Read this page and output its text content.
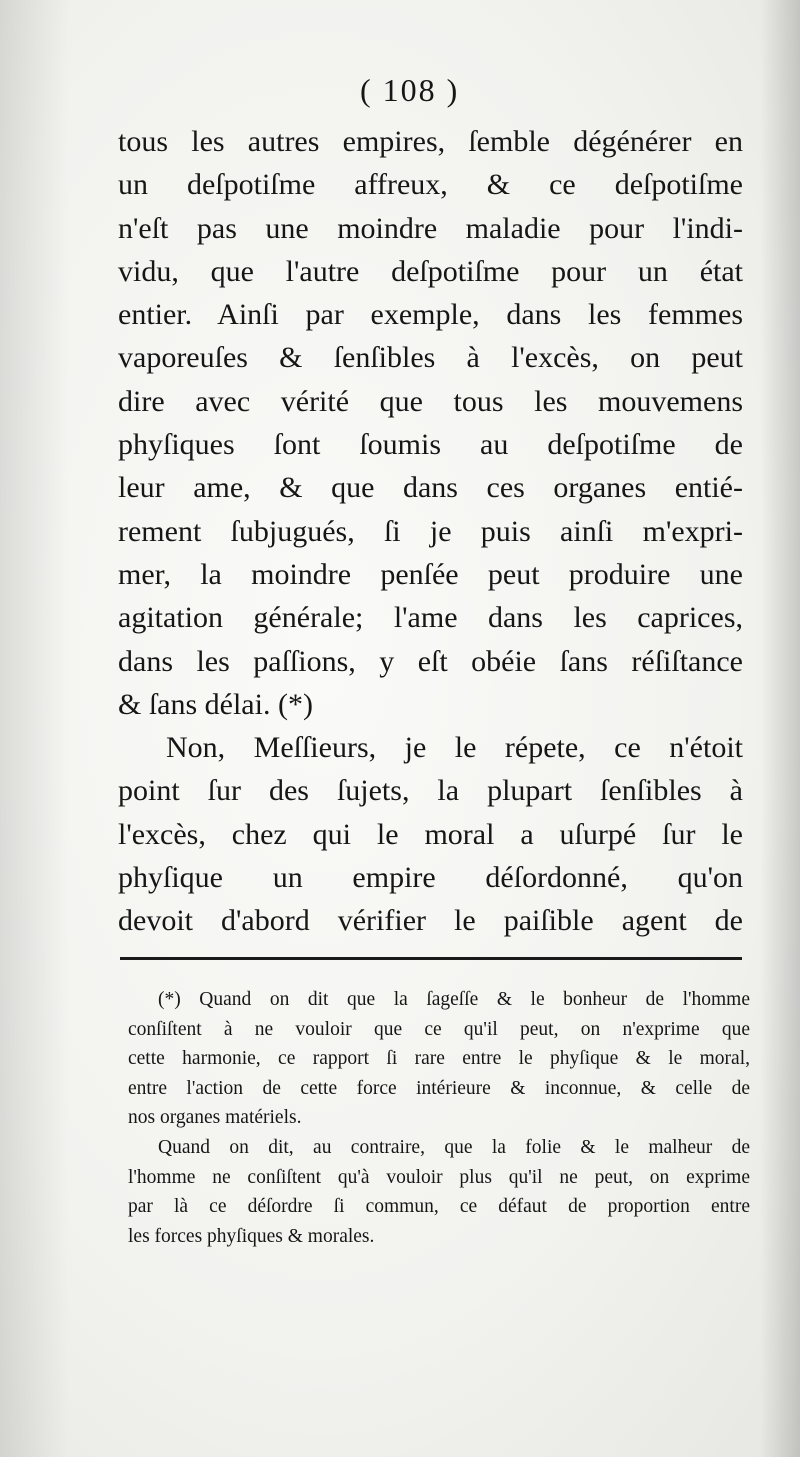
( 108 )
tous les autres empires, ſemble dégénérer en
un deſpotiſme affreux, & ce deſpotiſme
n'eſt pas une moindre maladie pour l'indi-
vidu, que l'autre deſpotiſme pour un état
entier. Ainſi par exemple, dans les femmes
vaporeuſes & ſenſibles à l'excès, on peut
dire avec vérité que tous les mouvemens
phyſiques ſont ſoumis au deſpotiſme de
leur ame, & que dans ces organes entié-
rement ſubjugués, ſi je puis ainſi m'expri-
mer, la moindre penſée peut produire une
agitation générale; l'ame dans les caprices,
dans les paſſions, y eſt obéie ſans réſiſtance
& ſans délai. (*)
Non, Meſſieurs, je le répete, ce n'étoit
point ſur des ſujets, la plupart ſenſibles à
l'excès, chez qui le moral a uſurpé ſur le
phyſique un empire déſordonné, qu'on
devoit d'abord vérifier le paiſible agent de
(*) Quand on dit que la ſageſſe & le bonheur de l'homme
conſiſtent à ne vouloir que ce qu'il peut, on n'exprime que
cette harmonie, ce rapport ſi rare entre le phyſique & le moral,
entre l'action de cette force intérieure & inconnue, & celle de
nos organes matériels.
Quand on dit, au contraire, que la folie & le malheur de
l'homme ne conſiſtent qu'à vouloir plus qu'il ne peut, on exprime
par là ce déſordre ſi commun, ce défaut de proportion entre
les forces phyſiques & morales.
